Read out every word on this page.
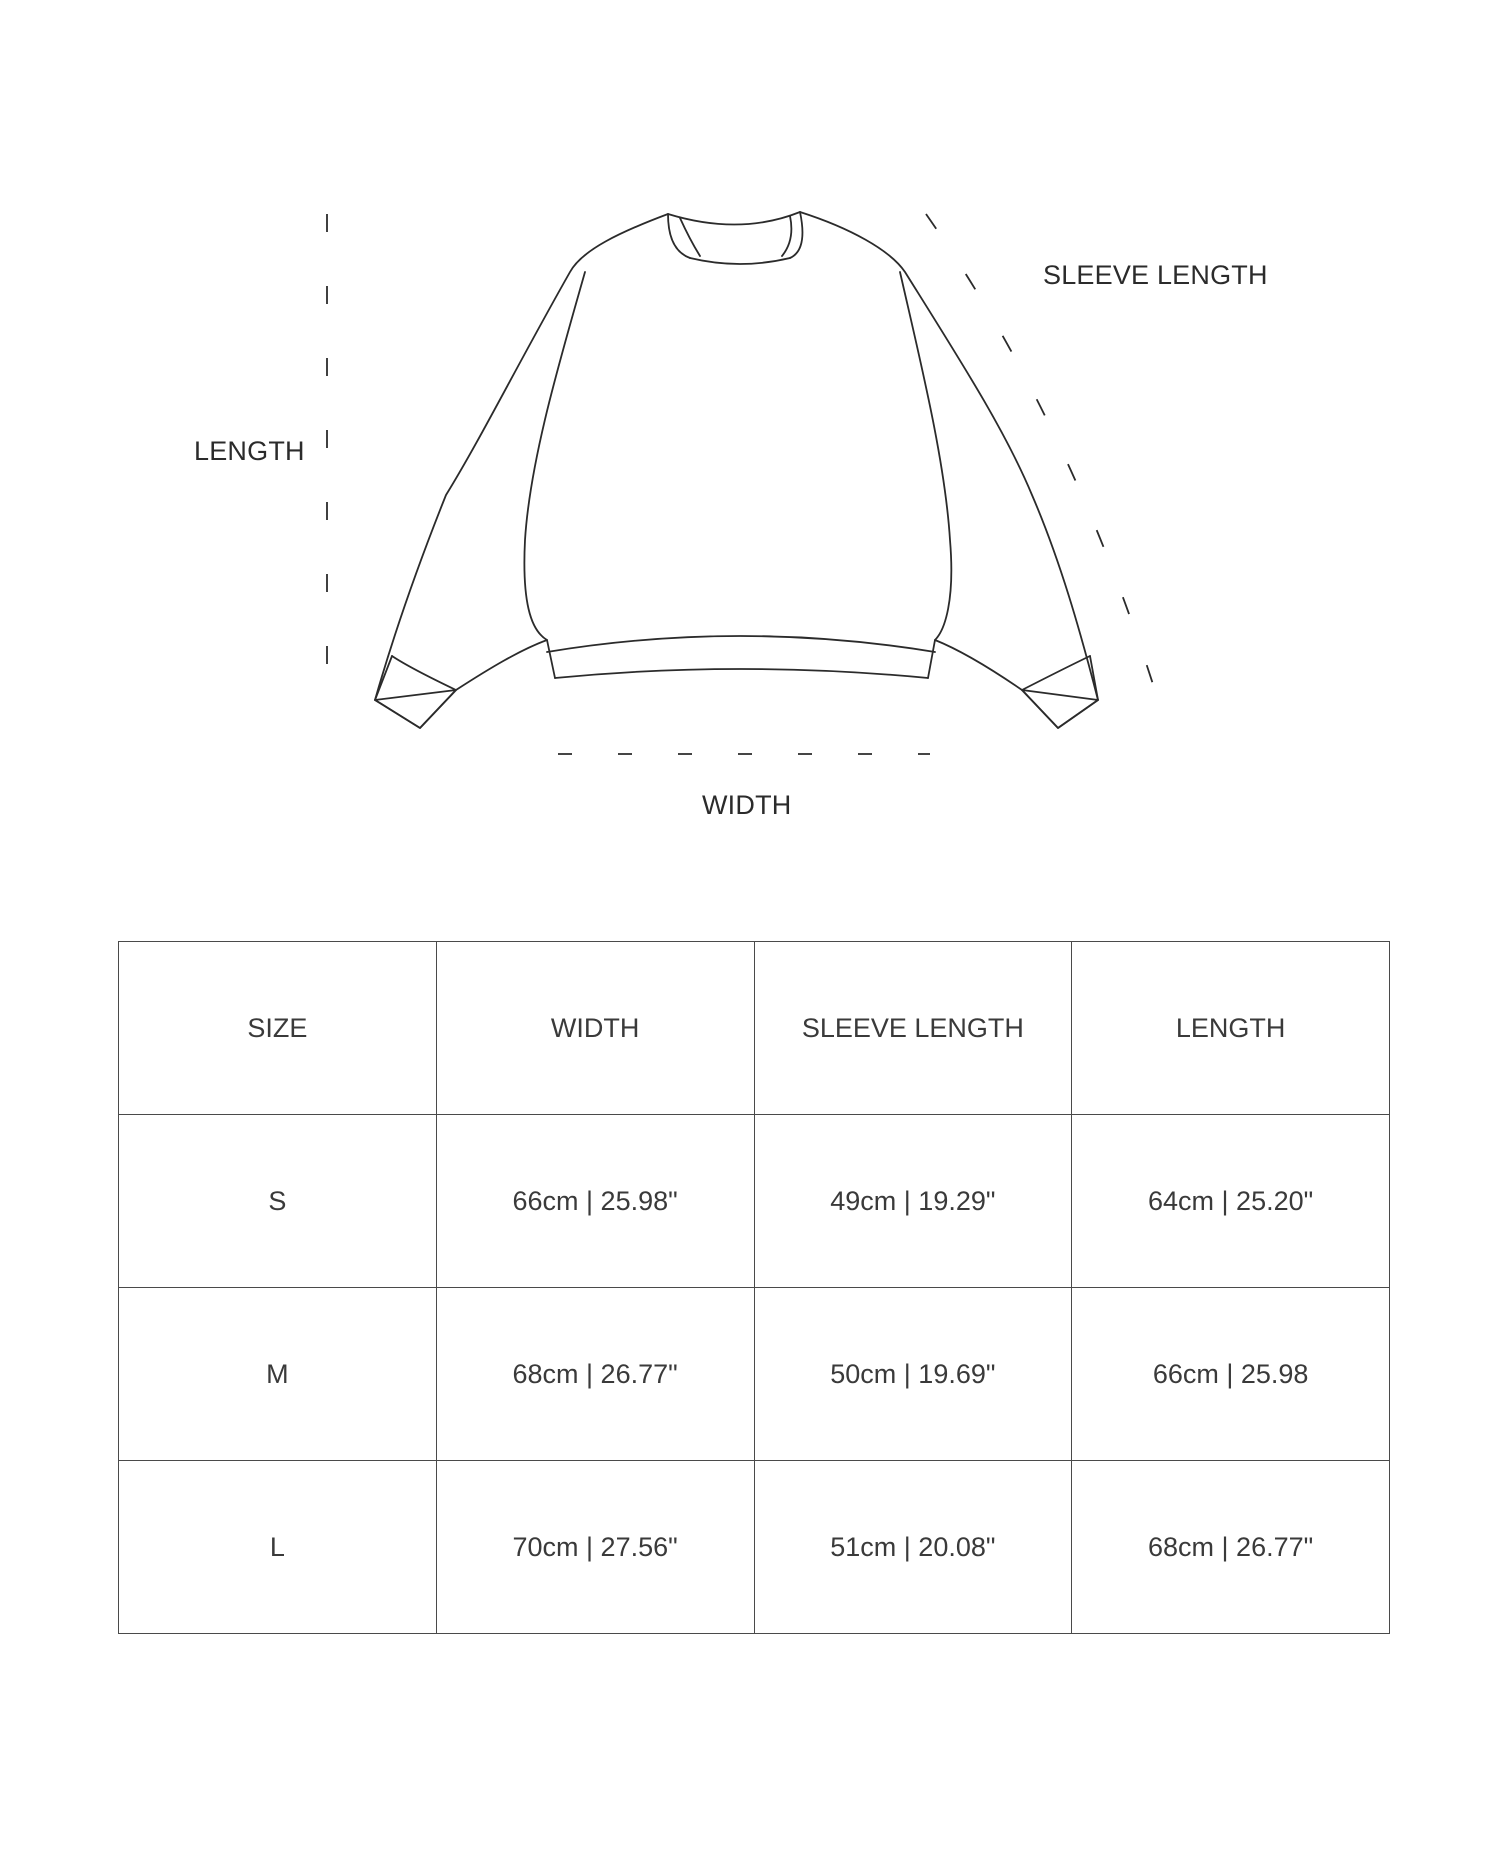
LENGTH
SLEEVE LENGTH
WIDTH
SIZE	WIDTH	SLEEVE LENGTH	LENGTH
S	66cm | 25.98"	49cm | 19.29"	64cm | 25.20"
M	68cm | 26.77"	50cm | 19.69"	66cm | 25.98
L	70cm | 27.56"	51cm | 20.08"	68cm | 26.77"
